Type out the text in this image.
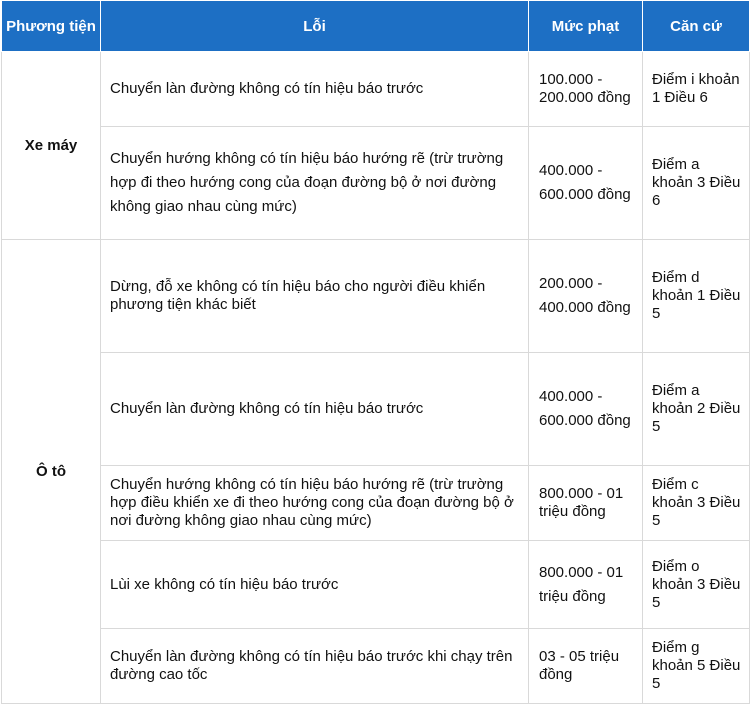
Phương tiện	Lỗi	Mức phạt	Căn cứ
Xe máy	Chuyển làn đường không có tín hiệu báo trước	100.000 - 200.000 đồng	Điểm i khoản 1 Điều 6
	Chuyển hướng không có tín hiệu báo hướng rẽ (trừ trường hợp đi theo hướng cong của đoạn đường bộ ở nơi đường không giao nhau cùng mức)	400.000 - 600.000 đồng	Điểm a khoản 3 Điều 6
Ô tô	Dừng, đỗ xe không có tín hiệu báo cho người điều khiển phương tiện khác biết	200.000 - 400.000 đồng	Điểm d khoản 1 Điều 5
	Chuyển làn đường không có tín hiệu báo trước	400.000 - 600.000 đồng	Điểm a khoản 2 Điều 5
	Chuyển hướng không có tín hiệu báo hướng rẽ (trừ trường hợp điều khiển xe đi theo hướng cong của đoạn đường bộ ở nơi đường không giao nhau cùng mức)	800.000 - 01 triệu đồng	Điểm c khoản 3 Điều 5
	Lùi xe không có tín hiệu báo trước	800.000 - 01 triệu đồng	Điểm o khoản 3 Điều 5
	Chuyển làn đường không có tín hiệu báo trước khi chạy trên đường cao tốc	03 - 05 triệu đồng	Điểm g khoản 5 Điều 5
